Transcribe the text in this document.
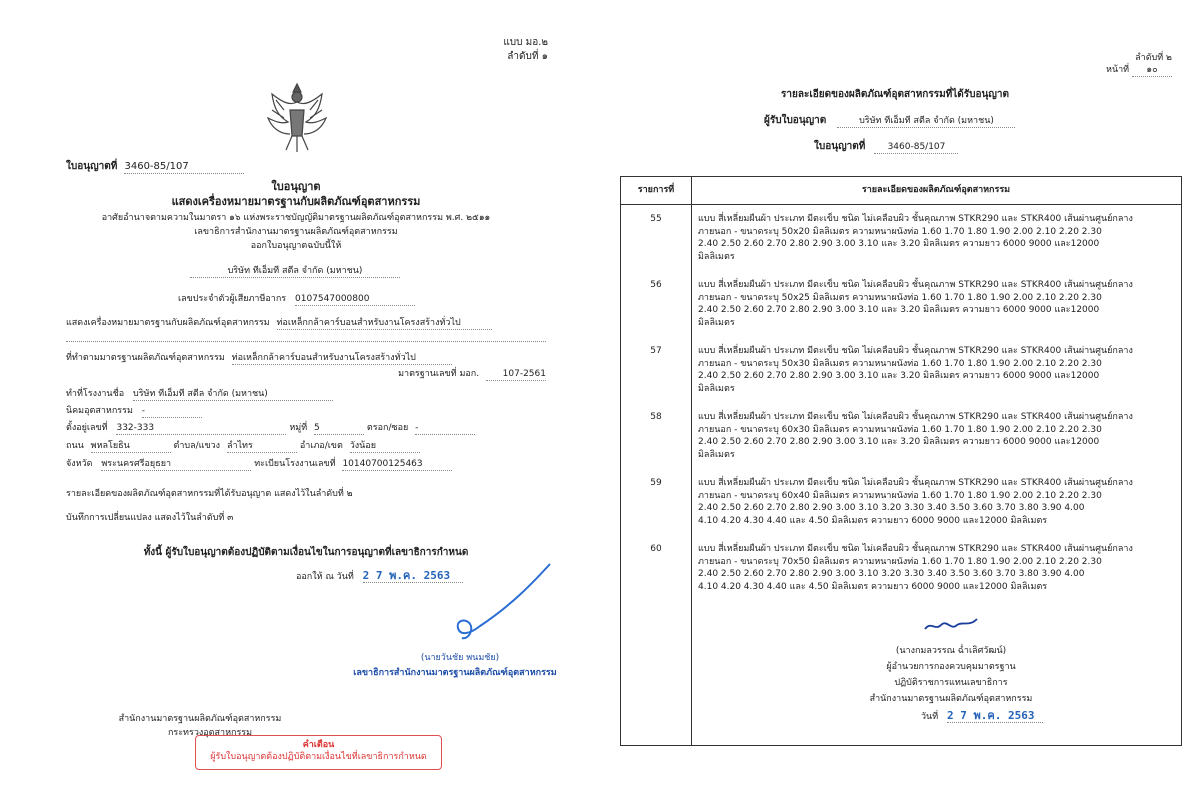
แบบ มอ.๒
ลำดับที่ ๑
ใบอนุญาตที่ 3460-85/107
ใบอนุญาต
แสดงเครื่องหมายมาตรฐานกับผลิตภัณฑ์อุตสาหกรรม
อาศัยอำนาจตามความในมาตรา ๑๖ แห่งพระราชบัญญัติมาตรฐานผลิตภัณฑ์อุตสาหกรรม พ.ศ. ๒๕๑๑
เลขาธิการสำนักงานมาตรฐานผลิตภัณฑ์อุตสาหกรรม
ออกใบอนุญาตฉบับนี้ให้
บริษัท ทีเอ็มที สตีล จำกัด (มหาชน)
เลขประจำตัวผู้เสียภาษีอากร 0107547000800
แสดงเครื่องหมายมาตรฐานกับผลิตภัณฑ์อุตสาหกรรม ท่อเหล็กกล้าคาร์บอนสำหรับงานโครงสร้างทั่วไป
ที่ทำตามมาตรฐานผลิตภัณฑ์อุตสาหกรรม ท่อเหล็กกล้าคาร์บอนสำหรับงานโครงสร้างทั่วไป
มาตรฐานเลขที่ มอก.	107-2561
ทำที่โรงงานชื่อ บริษัท ทีเอ็มที สตีล จำกัด (มหาชน)
นิคมอุตสาหกรรม -
ตั้งอยู่เลขที่ 332-333	หมู่ที่ 5	ตรอก/ซอย -
ถนน พหลโยธิน	ตำบล/แขวง ลำไทร	อำเภอ/เขต วังน้อย
จังหวัด พระนครศรีอยุธยา	ทะเบียนโรงงานเลขที่ 10140700125463
รายละเอียดของผลิตภัณฑ์อุตสาหกรรมที่ได้รับอนุญาต แสดงไว้ในลำดับที่ ๒
บันทึกการเปลี่ยนแปลง แสดงไว้ในลำดับที่ ๓
ทั้งนี้ ผู้รับใบอนุญาตต้องปฏิบัติตามเงื่อนไขในการอนุญาตที่เลขาธิการกำหนด
ออกให้ ณ วันที่ 2 7 พ.ค. 2563
(นายวันชัย พนมชัย)
เลขาธิการสำนักงานมาตรฐานผลิตภัณฑ์อุตสาหกรรม
สำนักงานมาตรฐานผลิตภัณฑ์อุตสาหกรรม
กระทรวงอุตสาหกรรม
คำเตือน
ผู้รับใบอนุญาตต้องปฏิบัติตามเงื่อนไขที่เลขาธิการกำหนด
ลำดับที่ ๒
หน้าที่ ๑๐
รายละเอียดของผลิตภัณฑ์อุตสาหกรรมที่ได้รับอนุญาต
ผู้รับใบอนุญาต	บริษัท ทีเอ็มที สตีล จำกัด (มหาชน)
ใบอนุญาตที่ 3460-85/107
รายการที่	รายละเอียดของผลิตภัณฑ์อุตสาหกรรม
55	แบบ สี่เหลี่ยมผืนผ้า ประเภท มีตะเข็บ ชนิด ไม่เคลือบผิว ชั้นคุณภาพ STKR290 และ STKR400 เส้นผ่านศูนย์กลาง
ภายนอก - ขนาดระบุ 50x20 มิลลิเมตร ความหนาผนังท่อ 1.60 1.70 1.80 1.90 2.00 2.10 2.20 2.30
2.40 2.50 2.60 2.70 2.80 2.90 3.00 3.10 และ 3.20 มิลลิเมตร ความยาว 6000 9000 และ12000
มิลลิเมตร
56	แบบ สี่เหลี่ยมผืนผ้า ประเภท มีตะเข็บ ชนิด ไม่เคลือบผิว ชั้นคุณภาพ STKR290 และ STKR400 เส้นผ่านศูนย์กลาง
ภายนอก - ขนาดระบุ 50x25 มิลลิเมตร ความหนาผนังท่อ 1.60 1.70 1.80 1.90 2.00 2.10 2.20 2.30
2.40 2.50 2.60 2.70 2.80 2.90 3.00 3.10 และ 3.20 มิลลิเมตร ความยาว 6000 9000 และ12000
มิลลิเมตร
57	แบบ สี่เหลี่ยมผืนผ้า ประเภท มีตะเข็บ ชนิด ไม่เคลือบผิว ชั้นคุณภาพ STKR290 และ STKR400 เส้นผ่านศูนย์กลาง
ภายนอก - ขนาดระบุ 50x30 มิลลิเมตร ความหนาผนังท่อ 1.60 1.70 1.80 1.90 2.00 2.10 2.20 2.30
2.40 2.50 2.60 2.70 2.80 2.90 3.00 3.10 และ 3.20 มิลลิเมตร ความยาว 6000 9000 และ12000
มิลลิเมตร
58	แบบ สี่เหลี่ยมผืนผ้า ประเภท มีตะเข็บ ชนิด ไม่เคลือบผิว ชั้นคุณภาพ STKR290 และ STKR400 เส้นผ่านศูนย์กลาง
ภายนอก - ขนาดระบุ 60x30 มิลลิเมตร ความหนาผนังท่อ 1.60 1.70 1.80 1.90 2.00 2.10 2.20 2.30
2.40 2.50 2.60 2.70 2.80 2.90 3.00 3.10 และ 3.20 มิลลิเมตร ความยาว 6000 9000 และ12000
มิลลิเมตร
59	แบบ สี่เหลี่ยมผืนผ้า ประเภท มีตะเข็บ ชนิด ไม่เคลือบผิว ชั้นคุณภาพ STKR290 และ STKR400 เส้นผ่านศูนย์กลาง
ภายนอก - ขนาดระบุ 60x40 มิลลิเมตร ความหนาผนังท่อ 1.60 1.70 1.80 1.90 2.00 2.10 2.20 2.30
2.40 2.50 2.60 2.70 2.80 2.90 3.00 3.10 3.20 3.30 3.40 3.50 3.60 3.70 3.80 3.90 4.00
4.10 4.20 4.30 4.40 และ 4.50 มิลลิเมตร ความยาว 6000 9000 และ12000 มิลลิเมตร
60	แบบ สี่เหลี่ยมผืนผ้า ประเภท มีตะเข็บ ชนิด ไม่เคลือบผิว ชั้นคุณภาพ STKR290 และ STKR400 เส้นผ่านศูนย์กลาง
ภายนอก - ขนาดระบุ 70x50 มิลลิเมตร ความหนาผนังท่อ 1.60 1.70 1.80 1.90 2.00 2.10 2.20 2.30
2.40 2.50 2.60 2.70 2.80 2.90 3.00 3.10 3.20 3.30 3.40 3.50 3.60 3.70 3.80 3.90 4.00
4.10 4.20 4.30 4.40 และ 4.50 มิลลิเมตร ความยาว 6000 9000 และ12000 มิลลิเมตร
(นางกมลวรรณ ฉ่ำเลิศวัฒน์)
ผู้อำนวยการกองควบคุมมาตรฐาน
ปฏิบัติราชการแทนเลขาธิการ
สำนักงานมาตรฐานผลิตภัณฑ์อุตสาหกรรม
วันที่ 2 7 พ.ค. 2563
